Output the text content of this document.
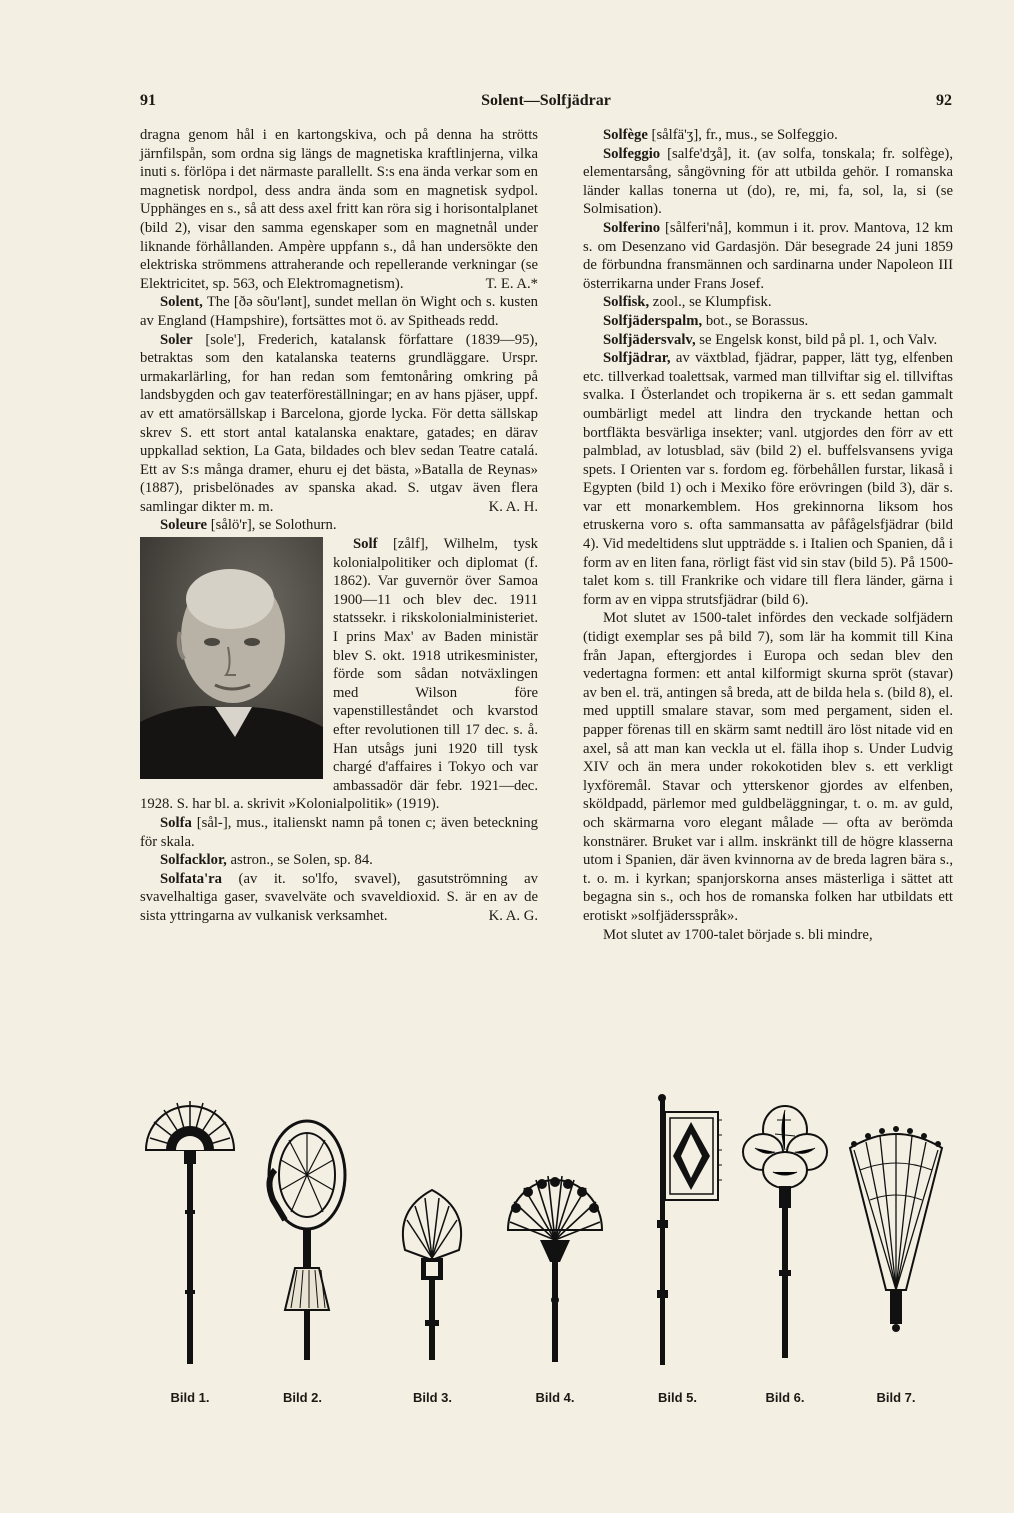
91	Solent—Solfjädrar	92

dragna genom hål i en kartongskiva, och på denna ha strötts järnfilspån, som ordna sig längs de magnetiska kraftlinjerna, vilka inuti s. förlöpa i det närmaste parallellt. S:s ena ända verkar som en magnetisk nordpol, dess andra ända som en magnetisk sydpol. Upphänges en s., så att dess axel fritt kan röra sig i horisontalplanet (bild 2), visar den samma egenskaper som en magnetnål under liknande förhållanden. Ampère uppfann s., då han undersökte den elektriska strömmens attraherande och repellerande verkningar (se Elektricitet, sp. 563, och Elektromagnetism).	T. E. A.*

Solent, The [ðə sõu'lənt], sundet mellan ön Wight och s. kusten av England (Hampshire), fortsättes mot ö. av Spitheads redd.

Soler [sole'], Frederich, katalansk författare (1839—95), betraktas som den katalanska teaterns grundläggare. Urspr. urmakarlärling, for han redan som femtonåring omkring på landsbygden och gav teaterföreställningar; en av hans pjäser, uppf. av ett amatörsällskap i Barcelona, gjorde lycka. För detta sällskap skrev S. ett stort antal katalanska enaktare, gatades; en därav uppkallad sektion, La Gata, bildades och blev sedan Teatre catalá. Ett av S:s många dramer, ehuru ej det bästa, »Batalla de Reynas» (1887), prisbelönades av spanska akad. S. utgav även flera samlingar dikter m. m.	K. A. H.

Soleure [sålö'r], se Solothurn.

Solf [zålf], Wilhelm, tysk kolonialpolitiker och diplomat (f. 1862). Var guvernör över Samoa 1900—11 och blev dec. 1911 statssekr. i rikskolonialministeriet. I prins Max' av Baden ministär blev S. okt. 1918 utrikesminister, förde som sådan notväxlingen med Wilson före vapenstilleståndet och kvarstod efter revolutionen till 17 dec. s. å. Han utsågs juni 1920 till tysk chargé d'affaires i Tokyo och var ambassadör där febr. 1921—dec. 1928. S. har bl. a. skrivit »Kolonialpolitik» (1919).

Solfa [sål-], mus., italienskt namn på tonen c; även beteckning för skala.

Solfacklor, astron., se Solen, sp. 84.

Solfata'ra (av it. so'lfo, svavel), gasutströmning av svavelhaltiga gaser, svavelväte och svaveldioxid. S. är en av de sista yttringarna av vulkanisk verksamhet.	K. A. G.

Solfège [sålfä'ʒ], fr., mus., se Solfeggio.

Solfeggio [salfe'dʒå], it. (av solfa, tonskala; fr. solfège), elementarsång, sångövning för att utbilda gehör. I romanska länder kallas tonerna ut (do), re, mi, fa, sol, la, si (se Solmisation).

Solferino [sålferi'nå], kommun i it. prov. Mantova, 12 km s. om Desenzano vid Gardasjön. Där besegrade 24 juni 1859 de förbundna fransmännen och sardinarna under Napoleon III österrikarna under Frans Josef.

Solfisk, zool., se Klumpfisk.

Solfjäderspalm, bot., se Borassus.

Solfjädersvalv, se Engelsk konst, bild på pl. 1, och Valv.

Solfjädrar, av växtblad, fjädrar, papper, lätt tyg, elfenben etc. tillverkad toalettsak, varmed man tillviftar sig el. tillviftas svalka. I Österlandet och tropikerna är s. ett sedan gammalt oumbärligt medel att lindra den tryckande hettan och bortfläkta besvärliga insekter; vanl. utgjordes den förr av ett palmblad, av lotusblad, säv (bild 2) el. buffelsvansens yviga spets. I Orienten var s. fordom eg. förbehållen furstar, likaså i Egypten (bild 1) och i Mexiko före erövringen (bild 3), där s. var ett monarkemblem. Hos grekinnorna liksom hos etruskerna voro s. ofta sammansatta av påfågelsfjädrar (bild 4). Vid medeltidens slut uppträdde s. i Italien och Spanien, då i form av en liten fana, rörligt fäst vid sin stav (bild 5). På 1500-talet kom s. till Frankrike och vidare till flera länder, gärna i form av en vippa strutsfjädrar (bild 6).

Mot slutet av 1500-talet infördes den veckade solfjädern (tidigt exemplar ses på bild 7), som lär ha kommit till Kina från Japan, eftergjordes i Europa och sedan blev den vedertagna formen: ett antal kilformigt skurna spröt (stavar) av ben el. trä, antingen så breda, att de bilda hela s. (bild 8), el. med upptill smalare stavar, som med pergament, siden el. papper förenas till en skärm samt nedtill äro löst nitade vid en axel, så att man kan veckla ut el. fälla ihop s. Under Ludvig XIV och än mera under rokokotiden blev s. ett verkligt lyxföremål. Stavar och ytterskenor gjordes av elfenben, sköldpadd, pärlemor med guldbeläggningar, t. o. m. av guld, och skärmarna voro elegant målade — ofta av berömda konstnärer. Bruket var i allm. inskränkt till de högre klasserna utom i Spanien, där även kvinnorna av de breda lagren bära s., t. o. m. i kyrkan; spanjorskorna anses mästerliga i sättet att begagna sin s., och hos de romanska folken har utbildats ett erotiskt »solfjädersspråk».

Mot slutet av 1700-talet började s. bli mindre,

Bild 1.	Bild 2.	Bild 3.	Bild 4.	Bild 5.	Bild 6.	Bild 7.
